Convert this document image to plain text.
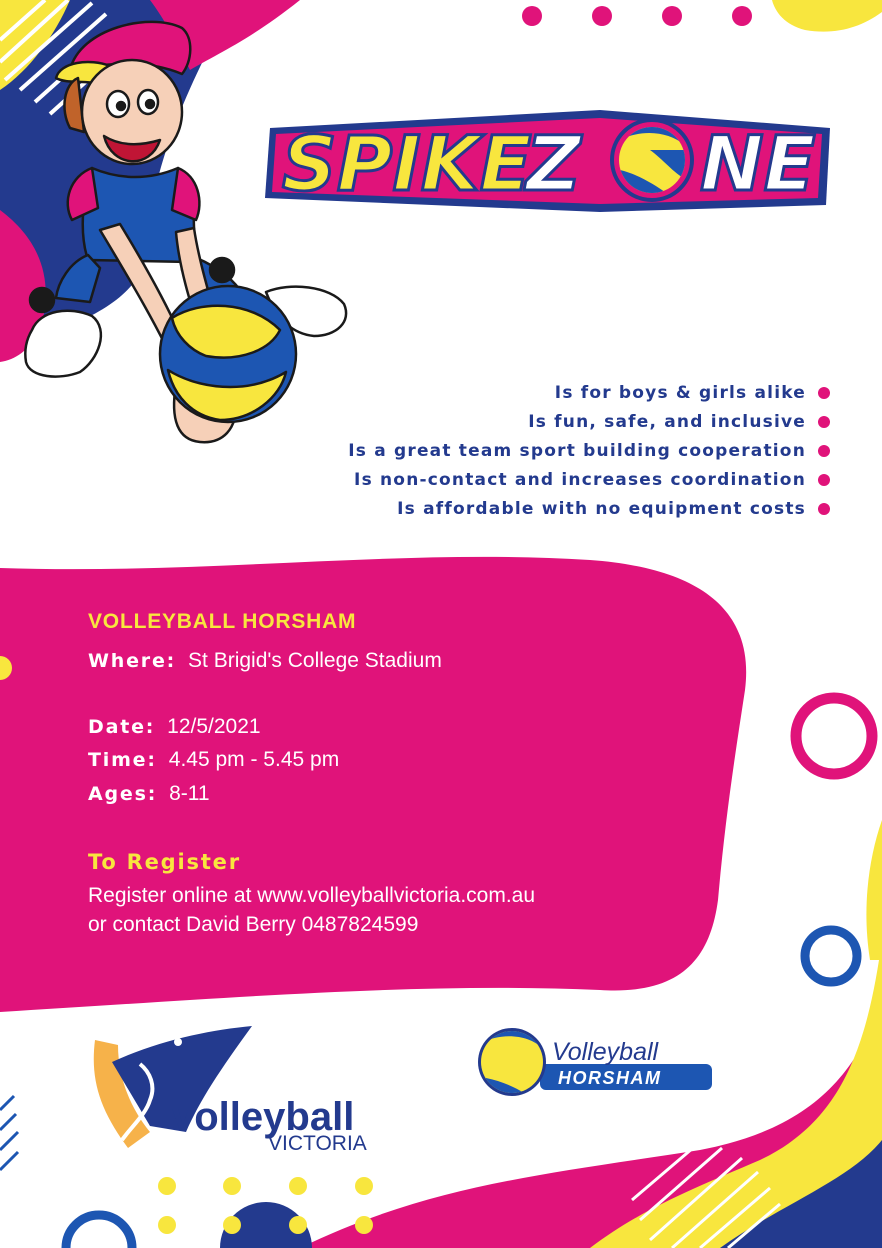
SPIKE
Z NE
volleyball
VICTORIA
Volleyball
HORSHAM
Is for boys & girls alike
Is fun, safe, and inclusive
Is a great team sport building cooperation
Is non-contact and increases coordination
Is affordable with no equipment costs
VOLLEYBALL HORSHAM
Where: St Brigid's College Stadium
Date: 12/5/2021
Time: 4.45 pm - 5.45 pm
Ages: 8-11
To Register
Register online at www.volleyballvictoria.com.au
or contact David Berry 0487824599
